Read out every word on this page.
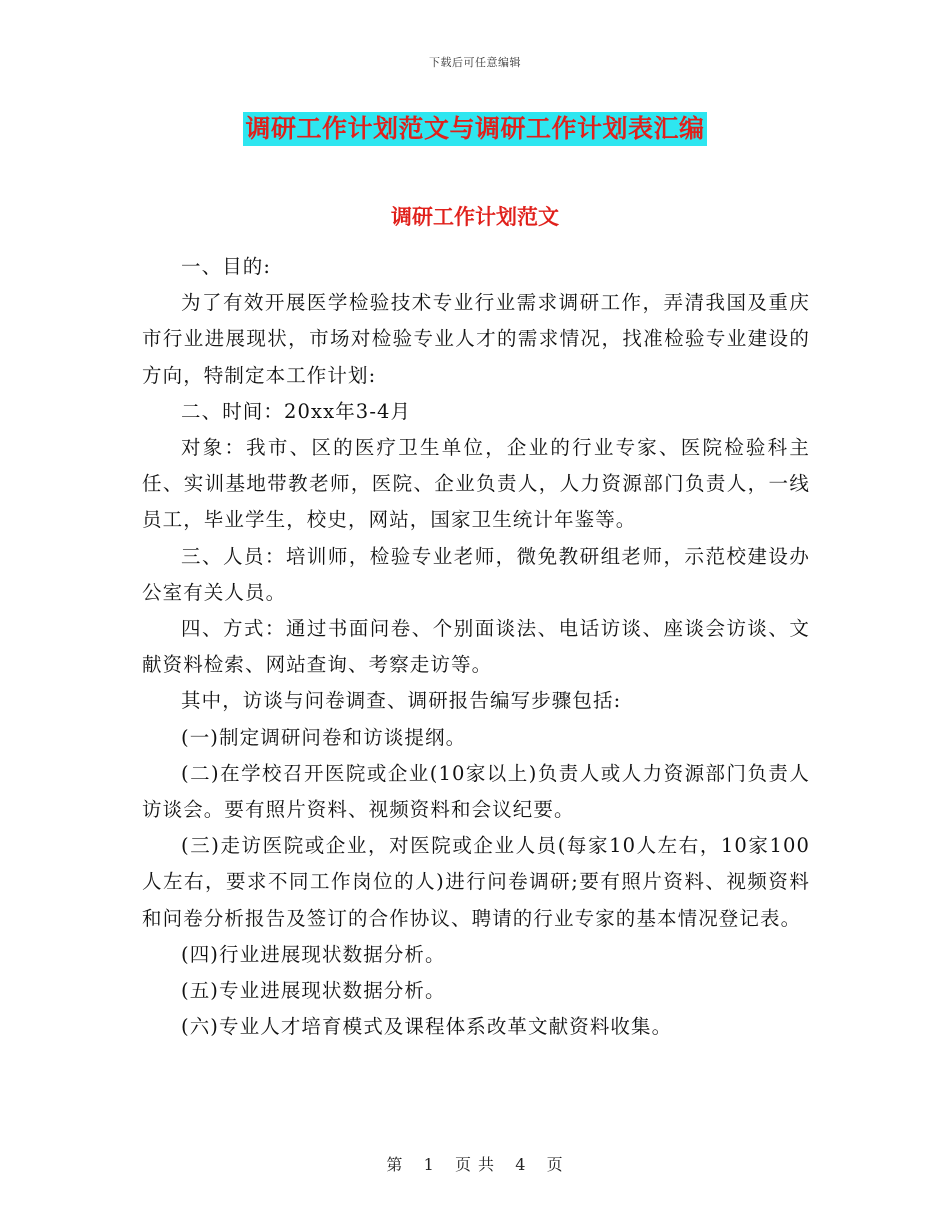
下载后可任意编辑
调研工作计划范文与调研工作计划表汇编
调研工作计划范文

一、目的:

为了有效开展医学检验技术专业行业需求调研工作，弄清我国及重庆市行业进展现状，市场对检验专业人才的需求情况，找准检验专业建设的方向，特制定本工作计划:

二、时间：20xx年3-4月

对象：我市、区的医疗卫生单位，企业的行业专家、医院检验科主任、实训基地带教老师，医院、企业负责人，人力资源部门负责人，一线员工，毕业学生，校史，网站，国家卫生统计年鉴等。

三、人员：培训师，检验专业老师，微免教研组老师，示范校建设办公室有关人员。

四、方式：通过书面问卷、个别面谈法、电话访谈、座谈会访谈、文献资料检索、网站查询、考察走访等。

其中，访谈与问卷调查、调研报告编写步骤包括:

(一)制定调研问卷和访谈提纲。

(二)在学校召开医院或企业(10家以上)负责人或人力资源部门负责人访谈会。要有照片资料、视频资料和会议纪要。

(三)走访医院或企业，对医院或企业人员(每家10人左右，10家100人左右，要求不同工作岗位的人)进行问卷调研;要有照片资料、视频资料和问卷分析报告及签订的合作协议、聘请的行业专家的基本情况登记表。

(四)行业进展现状数据分析。

(五)专业进展现状数据分析。

(六)专业人才培育模式及课程体系改革文献资料收集。

第 1 页 共 4 页
